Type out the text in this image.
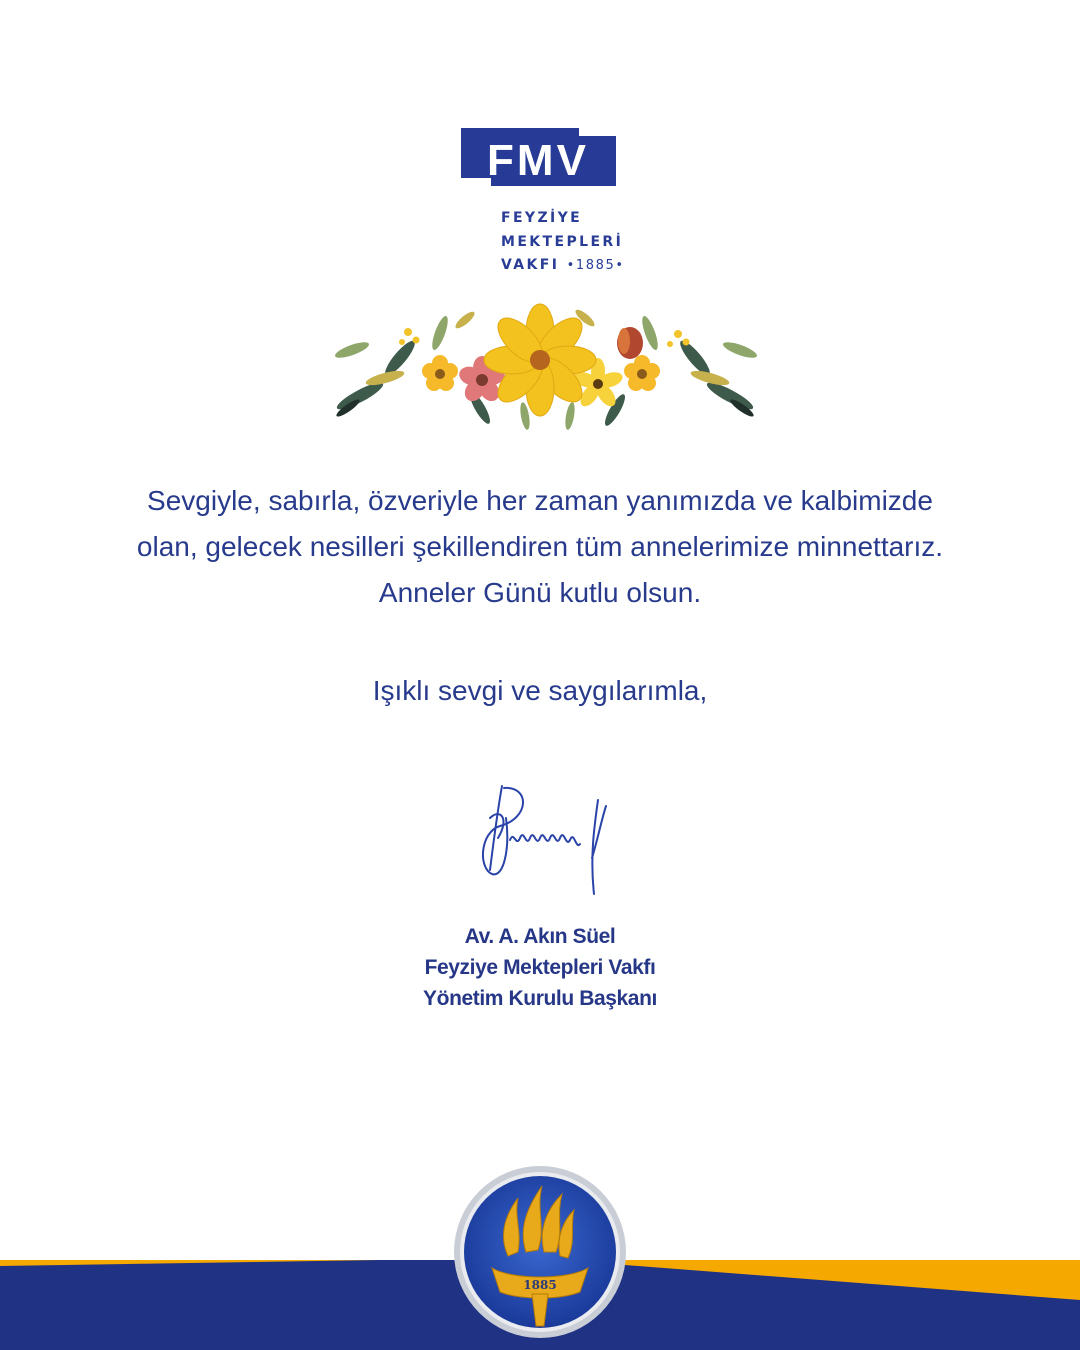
FMV
FEYZİYE
MEKTEPLERİ
VAKFI •1885•

Sevgiyle, sabırla, özveriyle her zaman yanımızda ve kalbimizde

olan, gelecek nesilleri şekillendiren tüm annelerimize minnettarız.

Anneler Günü kutlu olsun.

Işıklı sevgi ve saygılarımla,
Av. A. Akın Süel
Feyziye Mektepleri Vakfı
Yönetim Kurulu Başkanı
1885
